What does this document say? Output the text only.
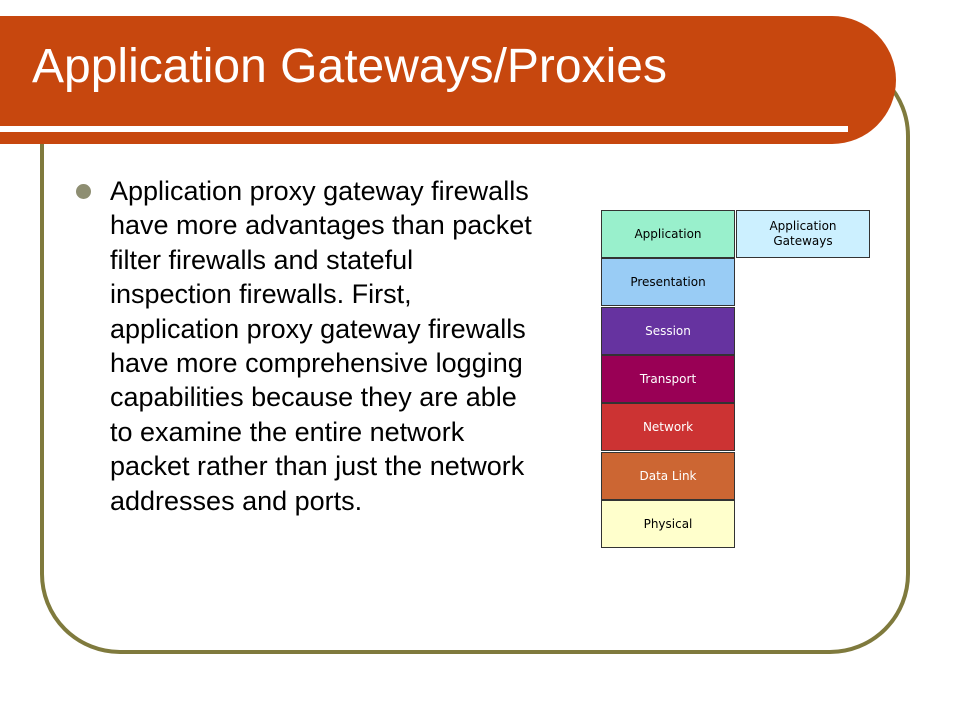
Application Gateways/Proxies
Application proxy gateway firewalls have more advantages than packet filter firewalls and stateful inspection firewalls. First, application proxy gateway firewalls have more comprehensive logging capabilities because they are able to examine the entire network packet rather than just the network addresses and ports.
Application
Presentation
Session
Transport
Network
Data Link
Physical
Application
Gateways
